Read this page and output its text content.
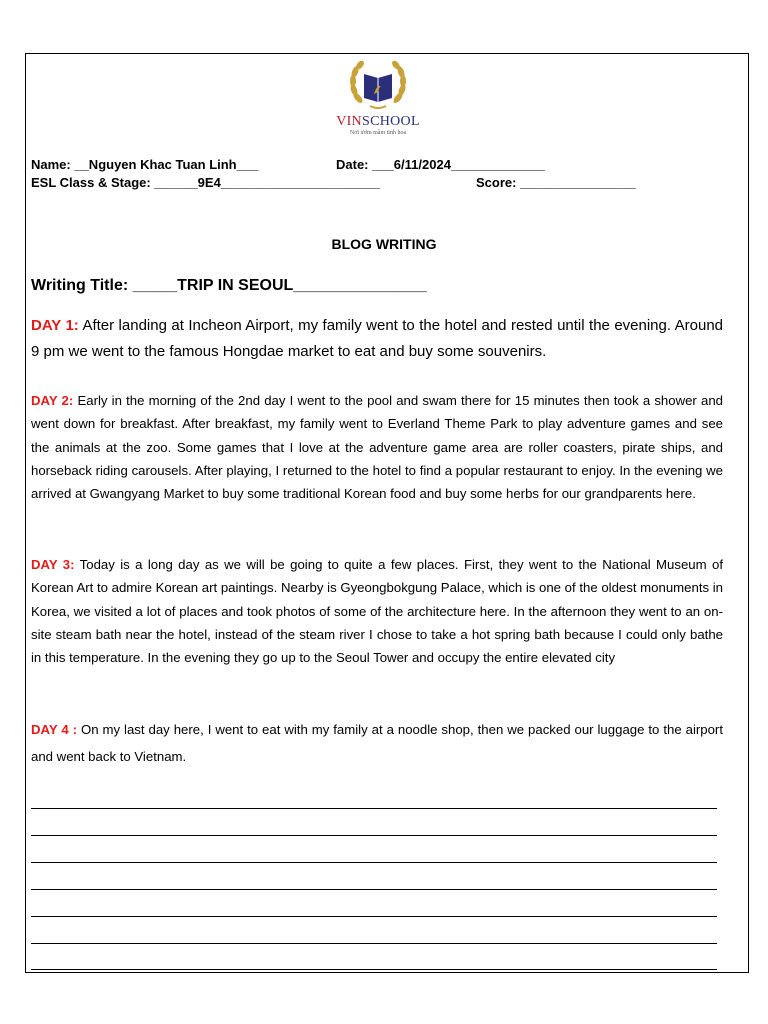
VINSCHOOL
Nơi ươm mầm tinh hoa
Name: __Nguyen Khac Tuan Linh___	Date: ___6/11/2024_____________
ESL Class & Stage: ______9E4______________________	Score: ________________
BLOG WRITING
Writing Title: _____TRIP IN SEOUL_______________
DAY 1: After landing at Incheon Airport, my family went to the hotel and rested until the evening. Around 9 pm we went to the famous Hongdae market to eat and buy some souvenirs.
DAY 2: Early in the morning of the 2nd day I went to the pool and swam there for 15 minutes then took a shower and went down for breakfast. After breakfast, my family went to Everland Theme Park to play adventure games and see the animals at the zoo. Some games that I love at the adventure game area are roller coasters, pirate ships, and horseback riding carousels. After playing, I returned to the hotel to find a popular restaurant to enjoy. In the evening we arrived at Gwangyang Market to buy some traditional Korean food and buy some herbs for our grandparents here.
DAY 3: Today is a long day as we will be going to quite a few places. First, they went to the National Museum of Korean Art to admire Korean art paintings. Nearby is Gyeongbokgung Palace, which is one of the oldest monuments in Korea, we visited a lot of places and took photos of some of the architecture here. In the afternoon they went to an on-site steam bath near the hotel, instead of the steam river I chose to take a hot spring bath because I could only bathe in this temperature. In the evening they go up to the Seoul Tower and occupy the entire elevated city
DAY 4 : On my last day here, I went to eat with my family at a noodle shop, then we packed our luggage to the airport and went back to Vietnam.
